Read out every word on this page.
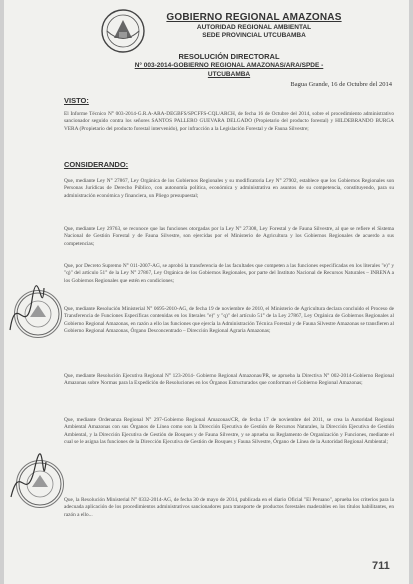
GOBIERNO REGIONAL AMAZONAS
AUTORIDAD REGIONAL AMBIENTAL
SEDE PROVINCIAL UTCUBAMBA
RESOLUCIÓN DIRECTORAL
N° 003-2014-GOBIERNO REGIONAL AMAZONAS/ARA/SPDE - UTCUBAMBA
Bagua Grande, 16 de Octubre del 2014
VISTO:

El Informe Técnico N° 003-2014-G.R.A-ARA-DEGBFS/SPCFFS-CQL/ARCH, de fecha 16 de Octubre del 2014, sobre el procedimiento administrativo sancionador seguido contra los señores SANTOS PALLERO GUEVARA DELGADO (Propietario del producto forestal) y HILDEBRANDO BURGA VERA (Propietario del producto forestal intervenido), por infracción a la Legislación Forestal y de Fauna Silvestre;

CONSIDERANDO:

Que, mediante Ley N° 27867, Ley Orgánica de los Gobiernos Regionales y su modificatoria Ley N° 27902, establece que los Gobiernos Regionales son Personas Jurídicas de Derecho Público, con autonomía política, económica y administrativa en asuntos de su competencia, constituyendo, para su administración económica y financiera, un Pliego presupuestal;

Que, mediante Ley 29763, se reconoce que las funciones otorgadas por la Ley N° 27308, Ley Forestal y de Fauna Silvestre, al que se refiere el Sistema Nacional de Gestión Forestal y de Fauna Silvestre, son ejercidas por el Ministerio de Agricultura y los Gobiernos Regionales de acuerdo a sus competencias;

Que, por Decreto Supremo N° 011-2007-AG, se aprobó la transferencia de las facultades que competen a las funciones especificadas en los literales "e)" y "q)" del artículo 51° de la Ley N° 27867, Ley Orgánica de los Gobiernos Regionales, por parte del Instituto Nacional de Recursos Naturales – INRENA a los Gobiernos Regionales que estén en condiciones;

Que, mediante Resolución Ministerial N° 0695-2010-AG, de fecha 19 de noviembre de 2010, el Ministerio de Agricultura declara concluido el Proceso de Transferencia de Funciones Específicas contenidas en los literales "e)" y "q)" del artículo 51° de la Ley 27867, Ley Orgánica de Gobiernos Regionales al Gobierno Regional Amazonas, en razón a ello las funciones que ejercía la Administración Técnica Forestal y de Fauna Silvestre Amazonas se transfieren al Gobierno Regional Amazonas, Órgano Desconcentrado – Dirección Regional Agraria Amazonas;

Que, mediante Resolución Ejecutiva Regional N° 123-2014- Gobierno Regional Amazonas/PR, se aprueba la Directiva N° 002-2014-Gobierno Regional Amazonas sobre Normas para la Expedición de Resoluciones en los Órganos Estructurados que conforman el Gobierno Regional Amazonas;

Que, mediante Ordenanza Regional N° 297-Gobierno Regional Amazonas/CR, de fecha 17 de noviembre del 2011, se crea la Autoridad Regional Ambiental Amazonas con sus Órganos de Línea como son la Dirección Ejecutiva de Gestión de Recursos Naturales, la Dirección Ejecutiva de Gestión Ambiental, y la Dirección Ejecutiva de Gestión de Bosques y de Fauna Silvestre, y se aprueba su Reglamento de Organización y Funciones, mediante el cual se le asigna las funciones de la Dirección Ejecutiva de Gestión de Bosques y Fauna Silvestre, Órgano de Línea de la Autoridad Regional Ambiental;

Que, la Resolución Ministerial N° 0332-2014-AG, de fecha 30 de mayo de 2014, publicada en el diario Oficial "El Peruano", aprueba los criterios para la adecuada aplicación de los procedimientos administrativos sancionadores para transporte de productos forestales maderables en los títulos habilitantes, en razón a ello...

711
